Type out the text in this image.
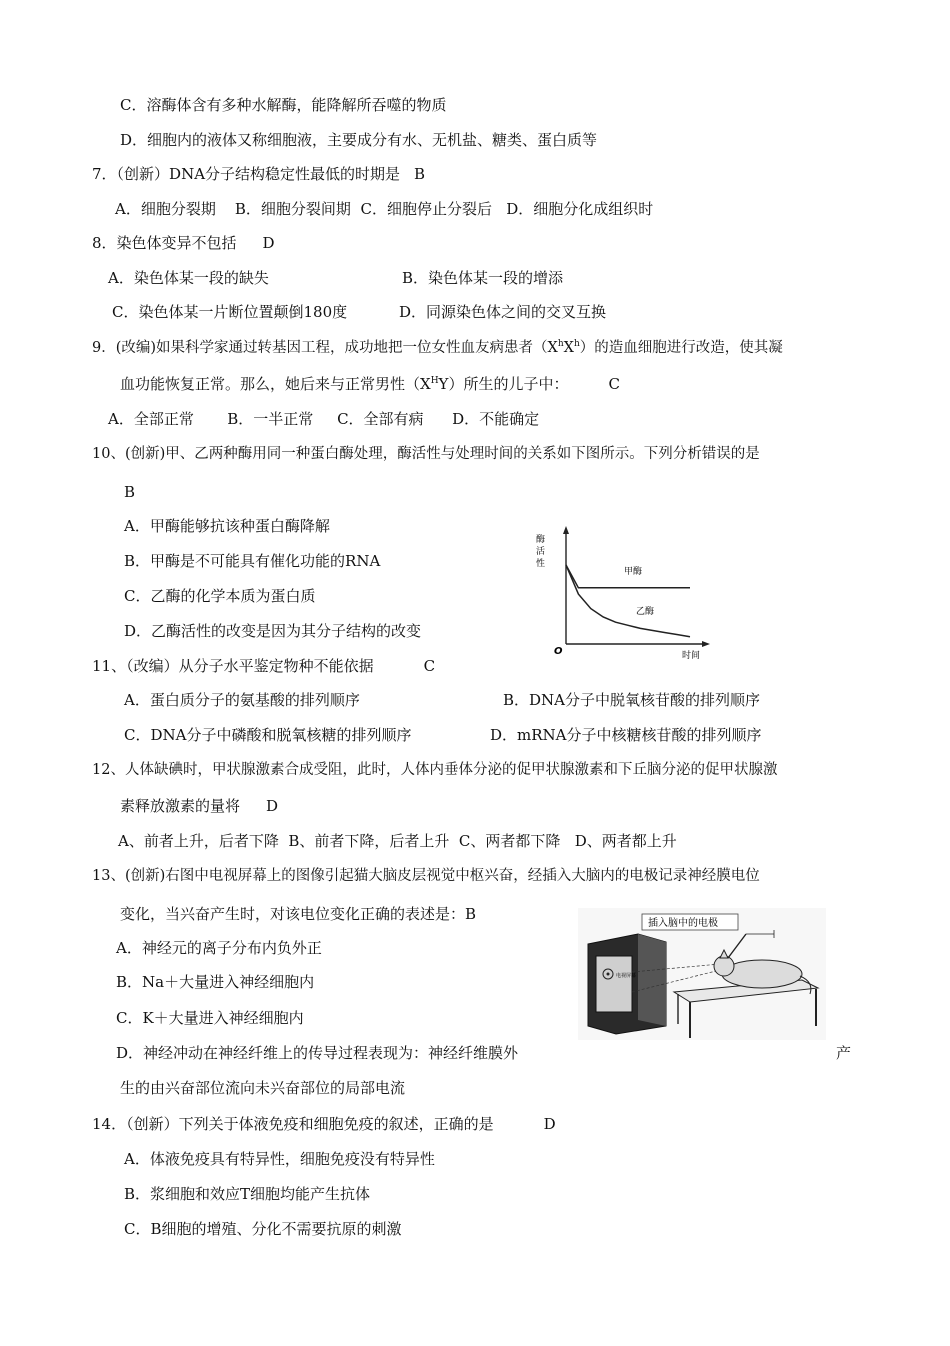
C．溶酶体含有多种水解酶，能降解所吞噬的物质
D．细胞内的液体又称细胞液，主要成分有水、无机盐、糖类、蛋白质等
7．（创新）DNA分子结构稳定性最低的时期是 B
A．细胞分裂期    B．细胞分裂间期  C．细胞停止分裂后   D．细胞分化成组织时
8．染色体变异不包括 D
A．染色体某一段的缺失	B．染色体某一段的增添
C．染色体某一片断位置颠倒180度	D．同源染色体之间的交叉互换
9．(改编)如果科学家通过转基因工程，成功地把一位女性血友病患者$(X^hX^h)$的造血细胞进行改造，使其凝
血功能恢复正常。那么，她后来与正常男性$(X^HY)$所生的儿子中：	C
A．全部正常       B．一半正常     C．全部有病      D．不能确定
10、(创新)甲、乙两种酶用同一种蛋白酶处理，酶活性与处理时间的关系如下图所示。下列分析错误的是
B
A．甲酶能够抗该种蛋白酶降解
B．甲酶是不可能具有催化功能的RNA
C．乙酶的化学本质为蛋白质
D．乙酶活性的改变是因为其分子结构的改变
酶
活
性
O	时间
甲酶
乙酶
11、（改编）从分子水平鉴定物种不能依据	C
A．蛋白质分子的氨基酸的排列顺序	B．DNA分子中脱氧核苷酸的排列顺序
C．DNA分子中磷酸和脱氧核糖的排列顺序	D．mRNA分子中核糖核苷酸的排列顺序
12、人体缺碘时，甲状腺激素合成受阻，此时，人体内垂体分泌的促甲状腺激素和下丘脑分泌的促甲状腺激
素释放激素的量将 D
A、前者上升，后者下降  B、前者下降，后者上升  C、两者都下降   D、两者都上升
13、(创新)右图中电视屏幕上的图像引起猫大脑皮层视觉中枢兴奋，经插入大脑内的电极记录神经膜电位
变化，当兴奋产生时，对该电位变化正确的表述是：B
A．神经元的离子分布内负外正
B．Na＋大量进入神经细胞内
C．K＋大量进入神经细胞内
D．神经冲动在神经纤维上的传导过程表现为：神经纤维膜外	产
生的由兴奋部位流向未兴奋部位的局部电流
插入脑中的电极
电视屏幕
14．（创新）下列关于体液免疫和细胞免疫的叙述，正确的是	D
A．体液免疫具有特异性，细胞免疫没有特异性
B．浆细胞和效应T细胞均能产生抗体
C．B细胞的增殖、分化不需要抗原的刺激
